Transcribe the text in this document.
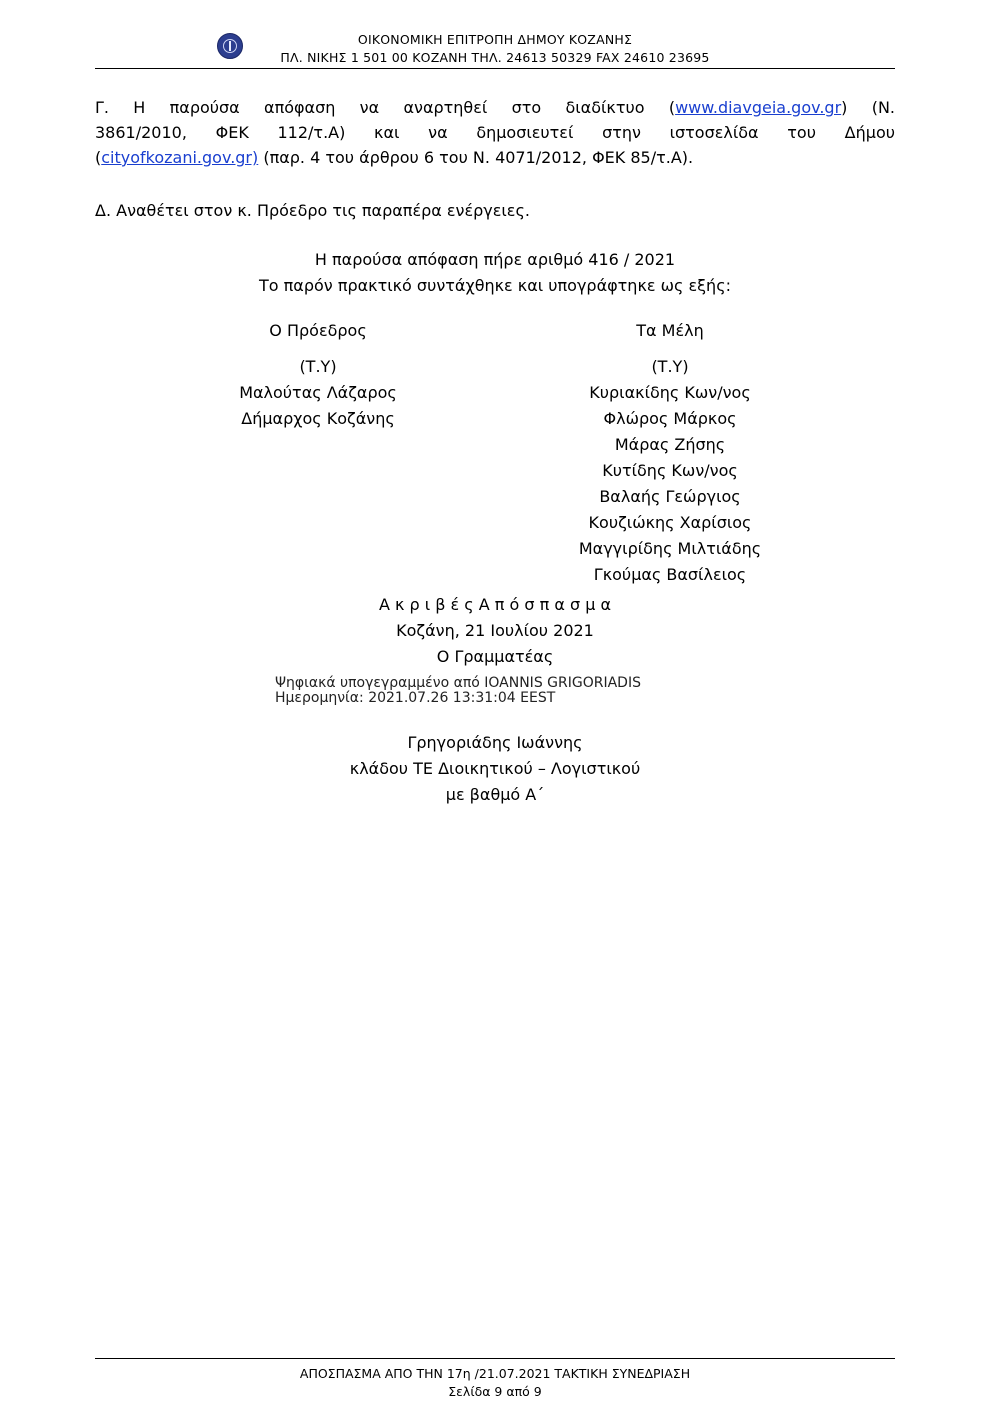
ΟΙΚΟΝΟΜΙΚΗ ΕΠΙΤΡΟΠΗ ΔΗΜΟΥ ΚΟΖΑΝΗΣ
ΠΛ. ΝΙΚΗΣ 1 501 00 ΚΟΖΑΝΗ ΤΗΛ. 24613 50329 FAX 24610 23695
Γ. Η παρούσα απόφαση να αναρτηθεί στο διαδίκτυο (www.diavgeia.gov.gr) (Ν.
3861/2010, ΦΕΚ 112/τ.Α) και να δημοσιευτεί στην ιστοσελίδα του Δήμου
(cityofkozani.gov.gr) (παρ. 4 του άρθρου 6 του Ν. 4071/2012, ΦΕΚ 85/τ.Α).
Δ. Αναθέτει στον κ. Πρόεδρο τις παραπέρα ενέργειες.
Η παρούσα απόφαση πήρε αριθμό 416 / 2021
Το παρόν πρακτικό συντάχθηκε και υπογράφτηκε ως εξής:
Ο Πρόεδρος
(Τ.Υ)
Μαλούτας Λάζαρος
Δήμαρχος Κοζάνης
Τα Μέλη
(Τ.Υ)
Κυριακίδης Κων/νος
Φλώρος Μάρκος
Μάρας Ζήσης
Κυτίδης Κων/νος
Βαλαής Γεώργιος
Κουζιώκης Χαρίσιος
Μαγγιρίδης Μιλτιάδης
Γκούμας Βασίλειος
Α κ ρ ι β έ ς Α π ό σ π α σ μ α
Κοζάνη, 21 Ιουλίου 2021
Ο Γραμματέας
Ψηφιακά υπογεγραμμένο από IOANNIS GRIGORIADIS
Ημερομηνία: 2021.07.26 13:31:04 EEST
Γρηγοριάδης Ιωάννης
κλάδου ΤΕ Διοικητικού – Λογιστικού
με βαθμό Α΄
ΑΠΟΣΠΑΣΜΑ ΑΠΟ ΤΗΝ 17η /21.07.2021 ΤΑΚΤΙΚΗ ΣΥΝΕΔΡΙΑΣΗ
Σελίδα 9 από 9
